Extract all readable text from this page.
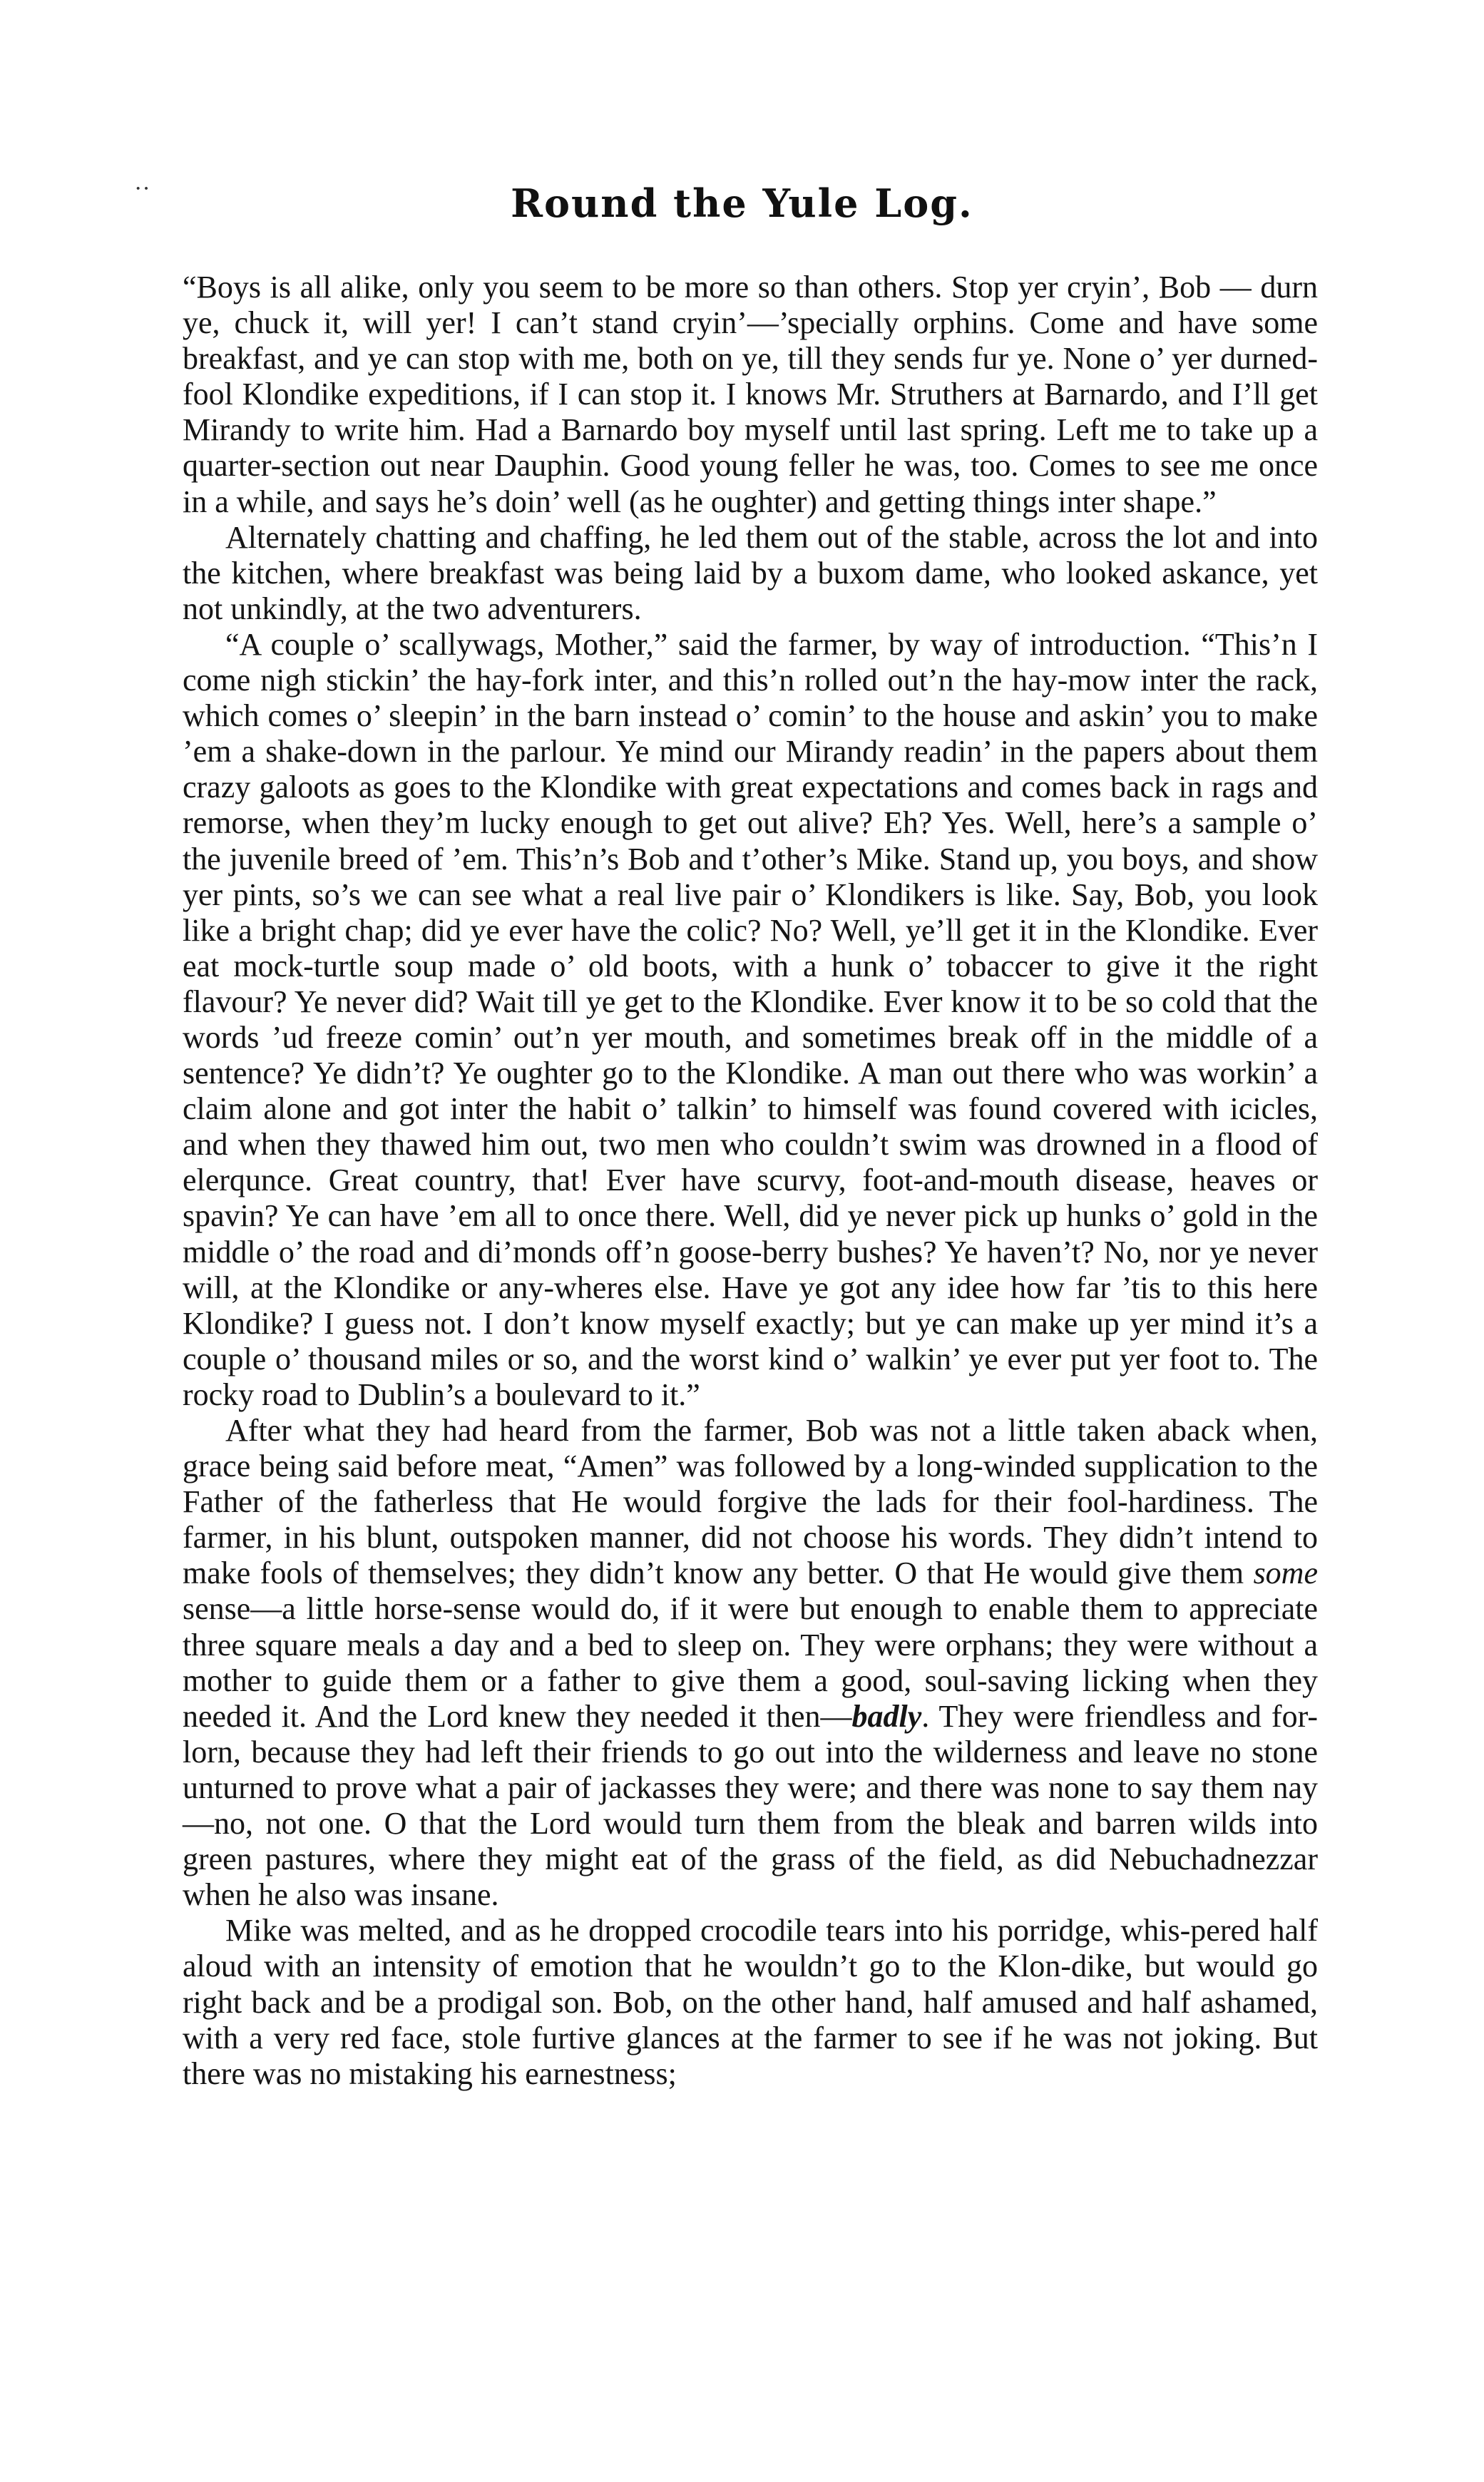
··	Round the Yule Log.

“Boys is all alike, only you seem to be more so than others. Stop yer cryin’, Bob — durn ye, chuck it, will yer! I can’t stand cryin’—’specially orphins. Come and have some breakfast, and ye can stop with me, both on ye, till they sends fur ye. None o’ yer durned-fool Klondike expeditions, if I can stop it. I knows Mr. Struthers at Barnardo, and I’ll get Mirandy to write him. Had a Barnardo boy myself until last spring. Left me to take up a quarter-section out near Dauphin. Good young feller he was, too. Comes to see me once in a while, and says he’s doin’ well (as he oughter) and getting things inter shape.”

Alternately chatting and chaffing, he led them out of the stable, across the lot and into the kitchen, where breakfast was being laid by a buxom dame, who looked askance, yet not unkindly, at the two adventurers.

“A couple o’ scallywags, Mother,” said the farmer, by way of introduction. “This’n I come nigh stickin’ the hay-fork inter, and this’n rolled out’n the hay-mow inter the rack, which comes o’ sleepin’ in the barn instead o’ comin’ to the house and askin’ you to make ’em a shake-down in the parlour. Ye mind our Mirandy readin’ in the papers about them crazy galoots as goes to the Klondike with great expectations and comes back in rags and remorse, when they’m lucky enough to get out alive? Eh? Yes. Well, here’s a sample o’ the juvenile breed of ’em. This’n’s Bob and t’other’s Mike. Stand up, you boys, and show yer pints, so’s we can see what a real live pair o’ Klondikers is like. Say, Bob, you look like a bright chap; did ye ever have the colic? No? Well, ye’ll get it in the Klondike. Ever eat mock-turtle soup made o’ old boots, with a hunk o’ tobaccer to give it the right flavour? Ye never did? Wait till ye get to the Klondike. Ever know it to be so cold that the words ’ud freeze comin’ out’n yer mouth, and sometimes break off in the middle of a sentence? Ye didn’t? Ye oughter go to the Klondike. A man out there who was workin’ a claim alone and got inter the habit o’ talkin’ to himself was found covered with icicles, and when they thawed him out, two men who couldn’t swim was drowned in a flood of elerqunce. Great country, that! Ever have scurvy, foot-and-mouth disease, heaves or spavin? Ye can have ’em all to once there. Well, did ye never pick up hunks o’ gold in the middle o’ the road and di’monds off’n goose-berry bushes? Ye haven’t? No, nor ye never will, at the Klondike or any-wheres else. Have ye got any idee how far ’tis to this here Klondike? I guess not. I don’t know myself exactly; but ye can make up yer mind it’s a couple o’ thousand miles or so, and the worst kind o’ walkin’ ye ever put yer foot to. The rocky road to Dublin’s a boulevard to it.”

After what they had heard from the farmer, Bob was not a little taken aback when, grace being said before meat, “Amen” was followed by a long-winded supplication to the Father of the fatherless that He would forgive the lads for their fool-hardiness. The farmer, in his blunt, outspoken manner, did not choose his words. They didn’t intend to make fools of themselves; they didn’t know any better. O that He would give them some sense—a little horse-sense would do, if it were but enough to enable them to appreciate three square meals a day and a bed to sleep on. They were orphans; they were without a mother to guide them or a father to give them a good, soul-saving licking when they needed it. And the Lord knew they needed it then—badly. They were friendless and for-lorn, because they had left their friends to go out into the wilderness and leave no stone unturned to prove what a pair of jackasses they were; and there was none to say them nay—no, not one. O that the Lord would turn them from the bleak and barren wilds into green pastures, where they might eat of the grass of the field, as did Nebuchadnezzar when he also was insane.

Mike was melted, and as he dropped crocodile tears into his porridge, whis-pered half aloud with an intensity of emotion that he wouldn’t go to the Klon-dike, but would go right back and be a prodigal son. Bob, on the other hand, half amused and half ashamed, with a very red face, stole furtive glances at the farmer to see if he was not joking. But there was no mistaking his earnestness;
